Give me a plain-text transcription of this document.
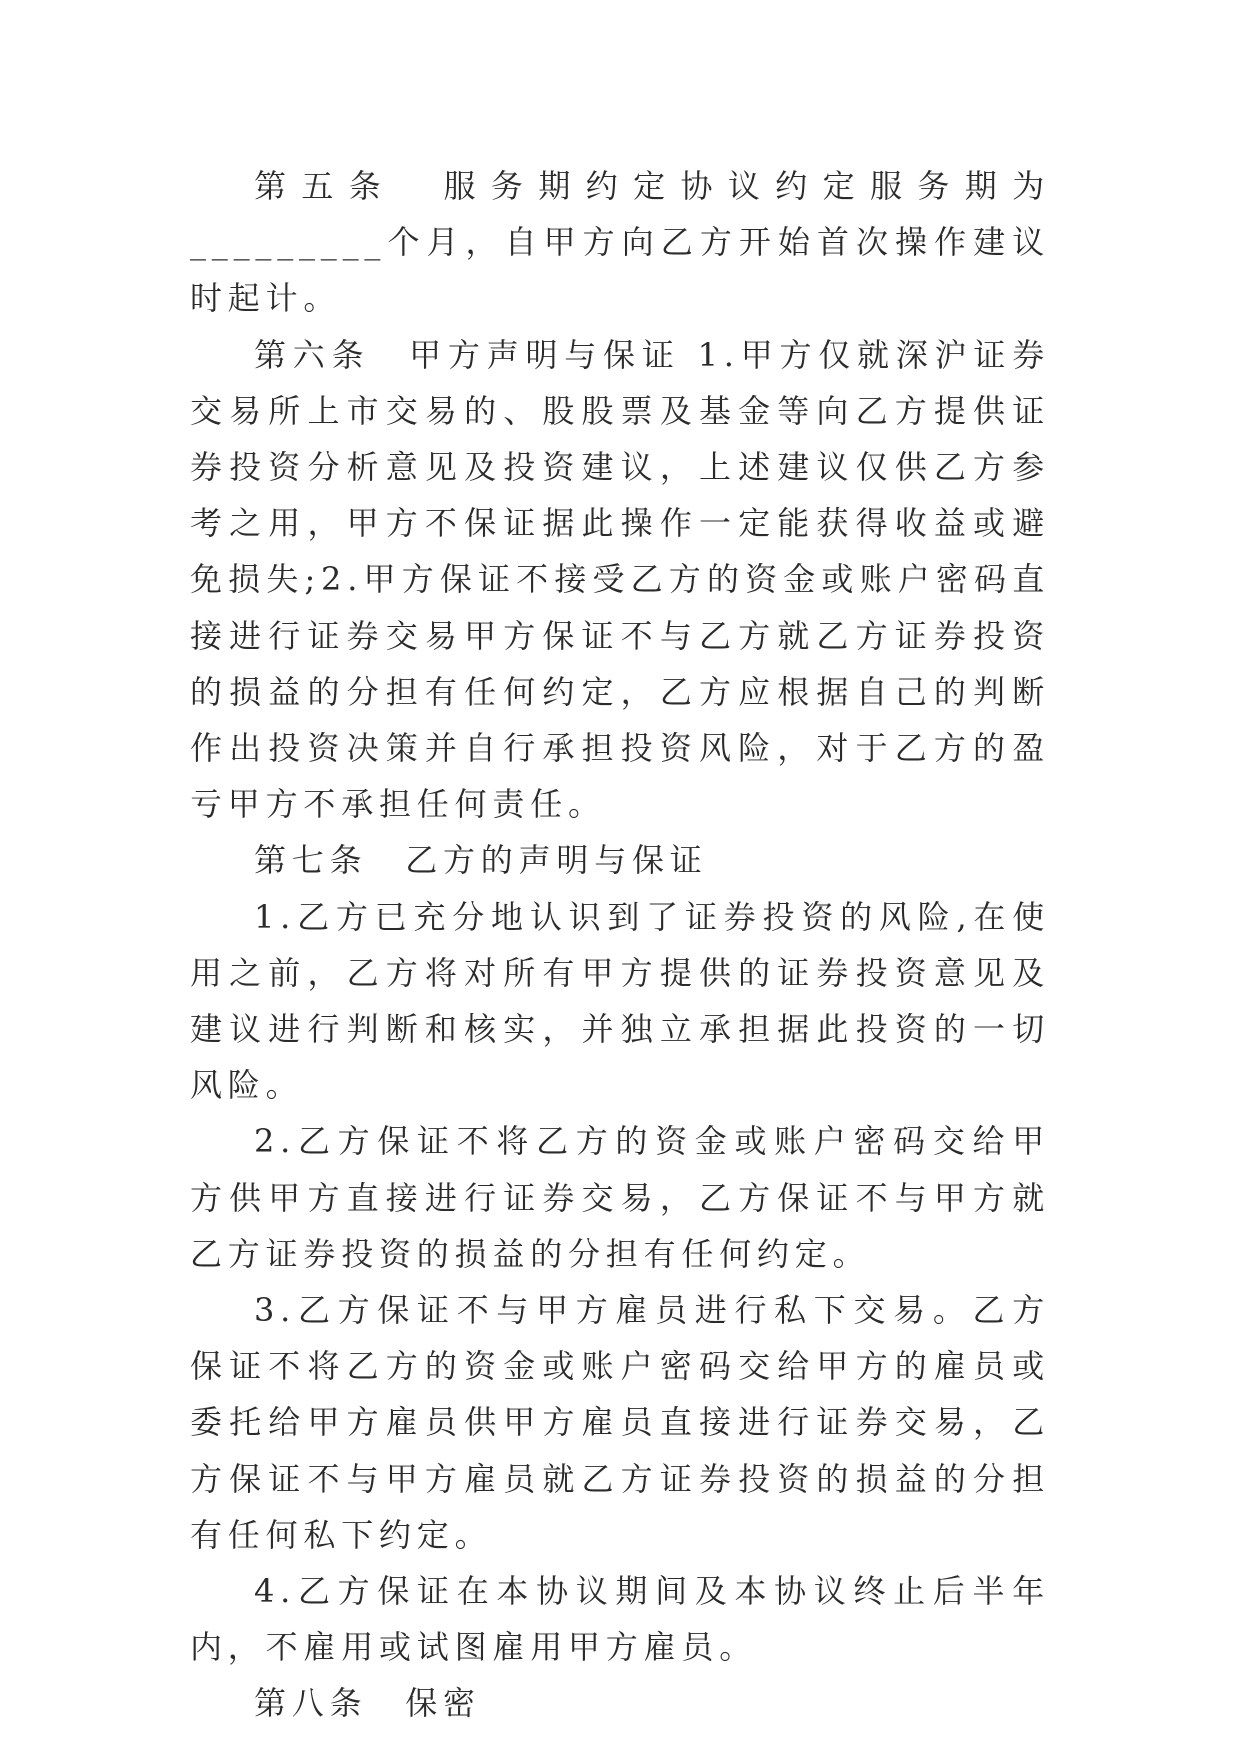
第五条　服务期约定协议约定服务期为_________个月，自甲方向乙方开始首次操作建议时起计。

第六条　甲方声明与保证 1.甲方仅就深沪证券交易所上市交易的、股股票及基金等向乙方提供证券投资分析意见及投资建议，上述建议仅供乙方参考之用，甲方不保证据此操作一定能获得收益或避免损失;2.甲方保证不接受乙方的资金或账户密码直接进行证券交易甲方保证不与乙方就乙方证券投资的损益的分担有任何约定，乙方应根据自己的判断作出投资决策并自行承担投资风险，对于乙方的盈亏甲方不承担任何责任。

第七条　乙方的声明与保证

1.乙方已充分地认识到了证券投资的风险,在使用之前，乙方将对所有甲方提供的证券投资意见及建议进行判断和核实，并独立承担据此投资的一切风险。

2.乙方保证不将乙方的资金或账户密码交给甲方供甲方直接进行证券交易，乙方保证不与甲方就乙方证券投资的损益的分担有任何约定。

3.乙方保证不与甲方雇员进行私下交易。乙方保证不将乙方的资金或账户密码交给甲方的雇员或委托给甲方雇员供甲方雇员直接进行证券交易，乙方保证不与甲方雇员就乙方证券投资的损益的分担有任何私下约定。

4.乙方保证在本协议期间及本协议终止后半年内，不雇用或试图雇用甲方雇员。

第八条　保密
